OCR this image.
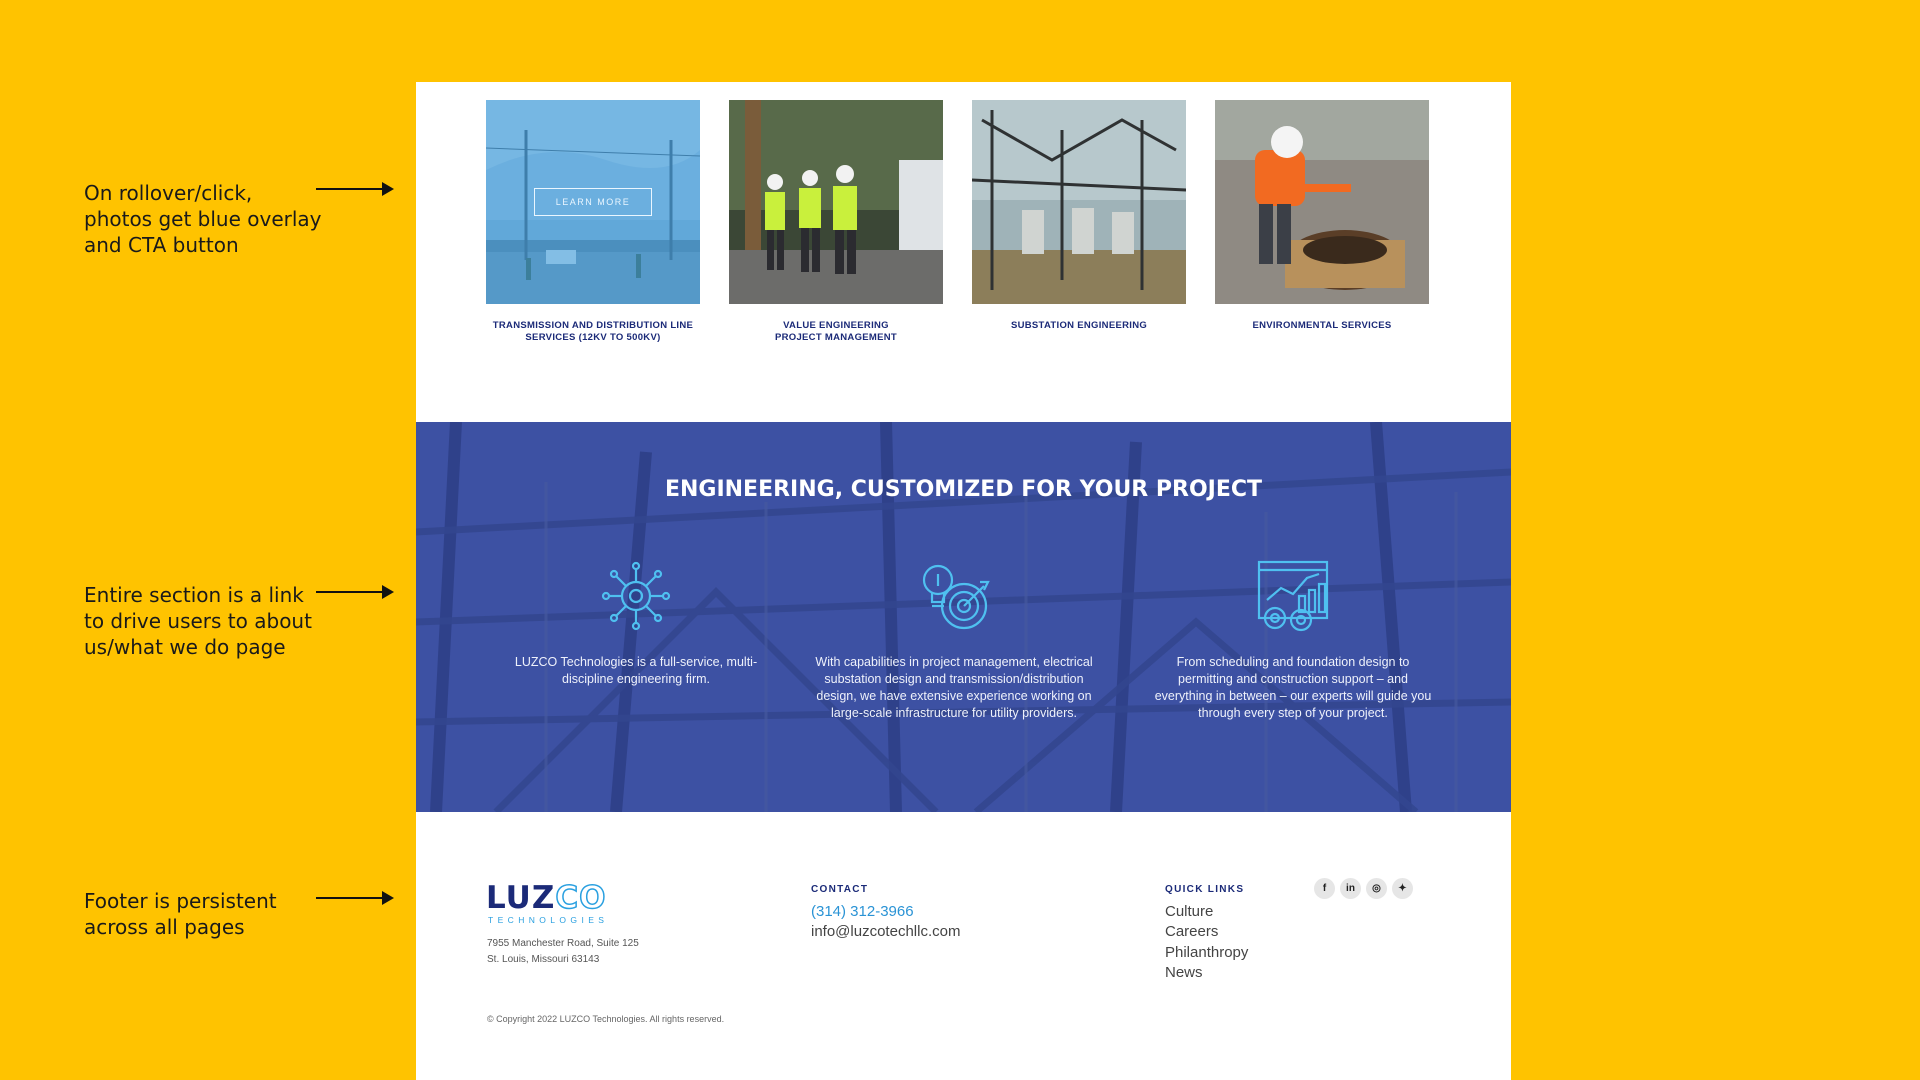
On rollover/click, photos get blue overlay and CTA button
Entire section is a link to drive users to about us/what we do page
Footer is persistent across all pages
LEARN MORE
TRANSMISSION AND DISTRIBUTION LINE
SERVICES (12KV TO 500KV)
VALUE ENGINEERING
PROJECT MANAGEMENT
SUBSTATION ENGINEERING	ENVIRONMENTAL SERVICES
ENGINEERING, CUSTOMIZED FOR YOUR PROJECT
LUZCO Technologies is a full-service, multi-discipline engineering firm.
With capabilities in project management, electrical substation design and transmission/distribution design, we have extensive experience working on large-scale infrastructure for utility providers.
From scheduling and foundation design to permitting and construction support – and everything in between – our experts will guide you through every step of your project.
LUZCO
TECHNOLOGIES
7955 Manchester Road, Suite 125
St. Louis, Missouri 63143
CONTACT
(314) 312-3966
info@luzcotechllc.com
QUICK LINKS
Culture
Careers
Philanthropy
News
f	in	◎	✦
© Copyright 2022 LUZCO Technologies. All rights reserved.
